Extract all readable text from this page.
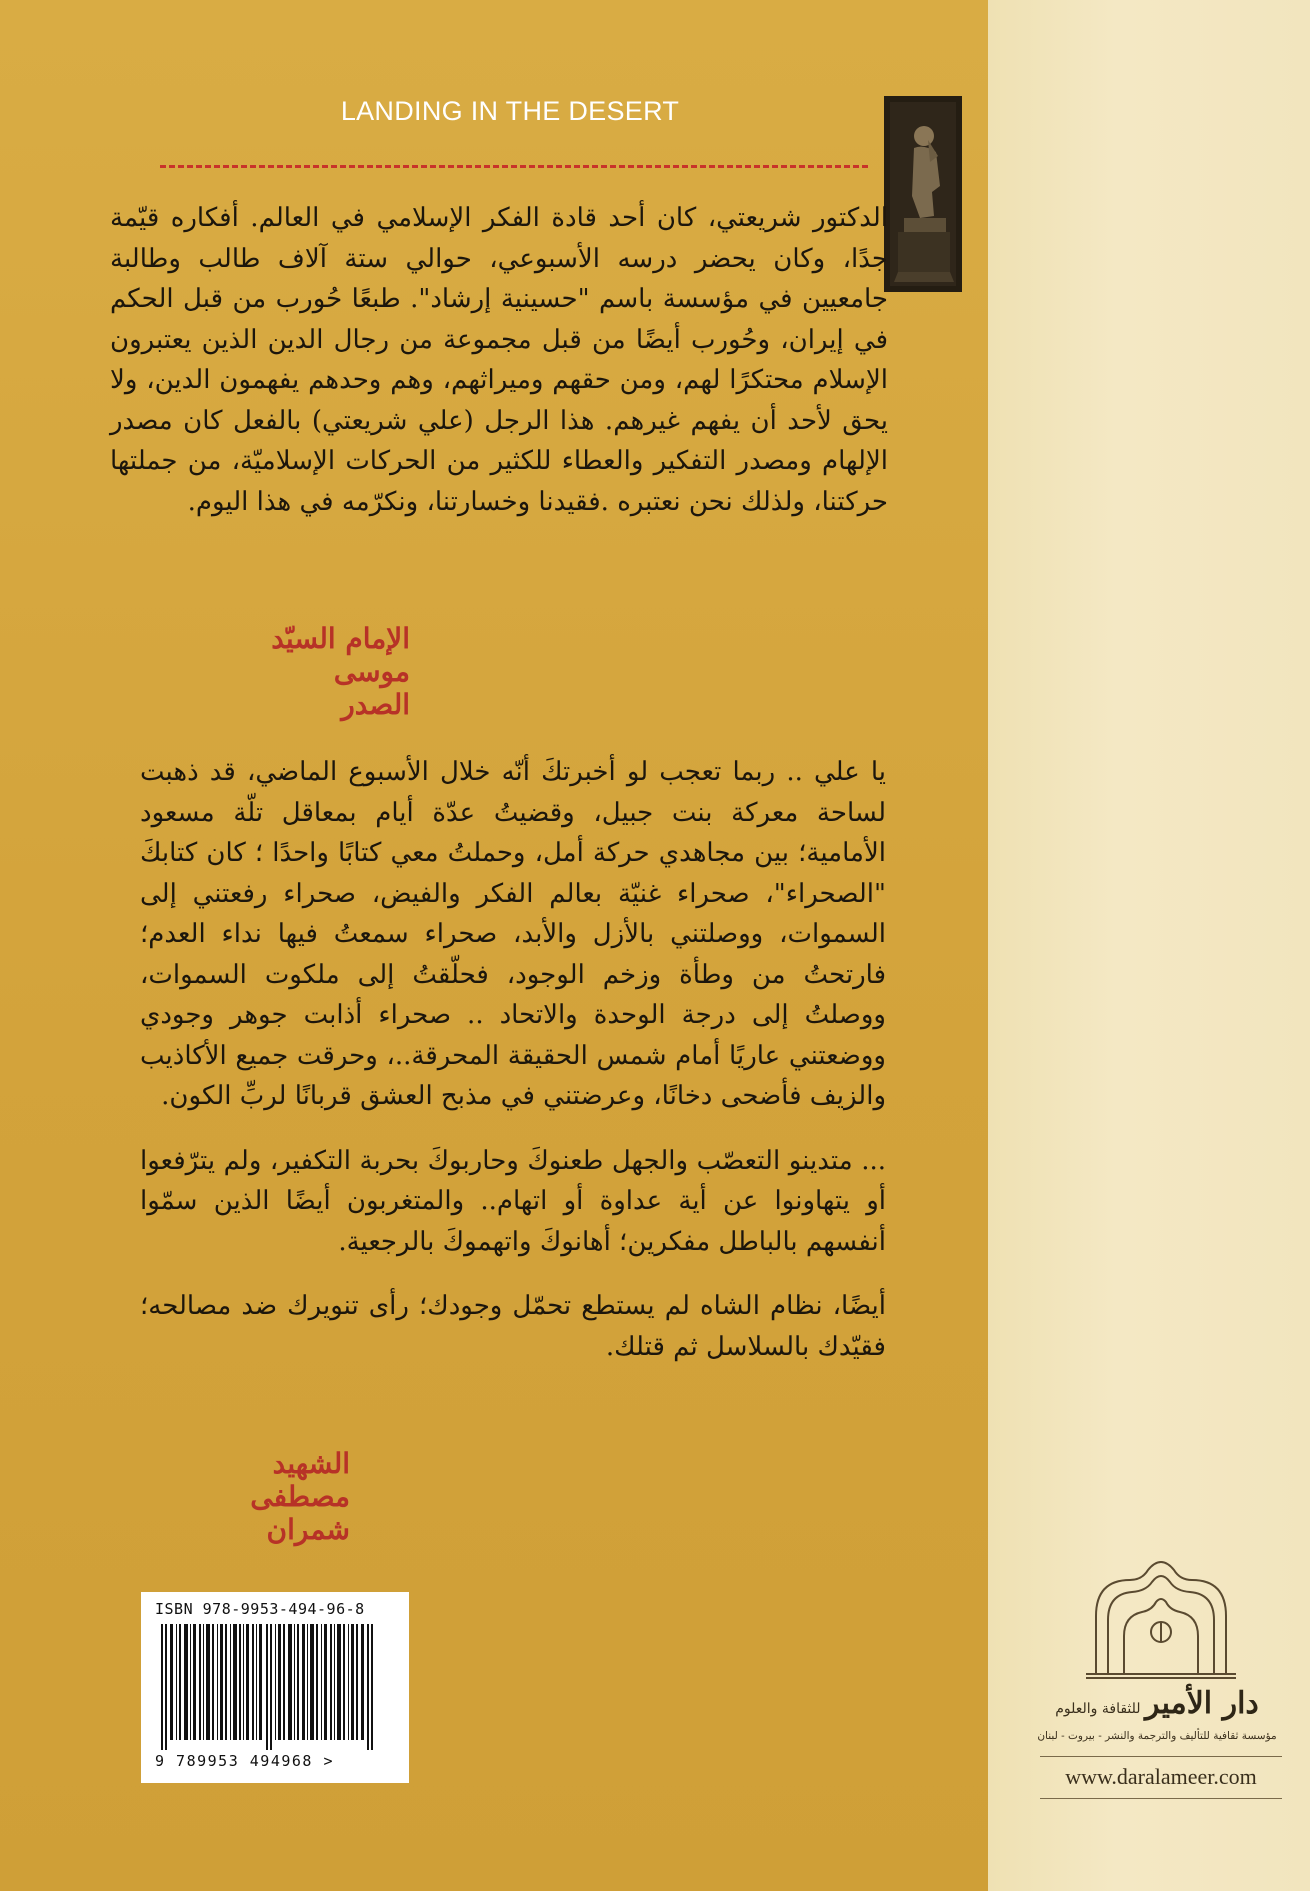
LANDING IN THE DESERT

الدكتور شريعتي، كان أحد قادة الفكر الإسلامي في العالم. أفكاره قيّمة جدًا، وكان يحضر درسه الأسبوعي، حوالي ستة آلاف طالب وطالبة جامعيين في مؤسسة باسم "حسينية إرشاد". طبعًا حُورب من قبل الحكم في إيران، وحُورب أيضًا من قبل مجموعة من رجال الدين الذين يعتبرون الإسلام محتكرًا لهم، ومن حقهم وميراثهم، وهم وحدهم يفهمون الدين، ولا يحق لأحد أن يفهم غيرهم. هذا الرجل (علي شريعتي) بالفعل كان مصدر الإلهام ومصدر التفكير والعطاء للكثير من الحركات الإسلاميّة، من جملتها حركتنا، ولذلك نحن نعتبره .فقيدنا وخسارتنا، ونكرّمه في هذا اليوم.

الإمام السيّد موسى الصدر

يا علي .. ربما تعجب لو أخبرتكَ أنّه خلال الأسبوع الماضي، قد ذهبت لساحة معركة بنت جبيل، وقضيتُ عدّة أيام بمعاقل تلّة مسعود الأمامية؛ بين مجاهدي حركة أمل، وحملتُ معي كتابًا واحدًا ؛ كان كتابكَ "الصحراء"، صحراء غنيّة بعالم الفكر والفيض، صحراء رفعتني إلى السموات، ووصلتني بالأزل والأبد، صحراء سمعتُ فيها نداء العدم؛ فارتحتُ من وطأة وزخم الوجود، فحلّقتُ إلى ملكوت السموات، ووصلتُ إلى درجة الوحدة والاتحاد .. صحراء أذابت جوهر وجودي ووضعتني عاريًا أمام شمس الحقيقة المحرقة..، وحرقت جميع الأكاذيب والزيف فأضحى دخانًا، وعرضتني في مذبح العشق قربانًا لربِّ الكون.

... متدينو التعصّب والجهل طعنوكَ وحاربوكَ بحربة التكفير، ولم يترّفعوا أو يتهاونوا عن أية عداوة أو اتهام.. والمتغربون أيضًا الذين سمّوا أنفسهم بالباطل مفكرين؛ أهانوكَ واتهموكَ بالرجعية.

أيضًا، نظام الشاه لم يستطع تحمّل وجودك؛ رأى تنويرك ضد مصالحه؛ فقيّدك بالسلاسل ثم قتلك.

الشهيد مصطفى شمران
ISBN 978-9953-494-96-8
9 789953 494968 >
دار الأمير للثقافة والعلوم
مؤسسة ثقافية للتأليف والترجمة والنشر - بيروت - لبنان
www.daralameer.com
